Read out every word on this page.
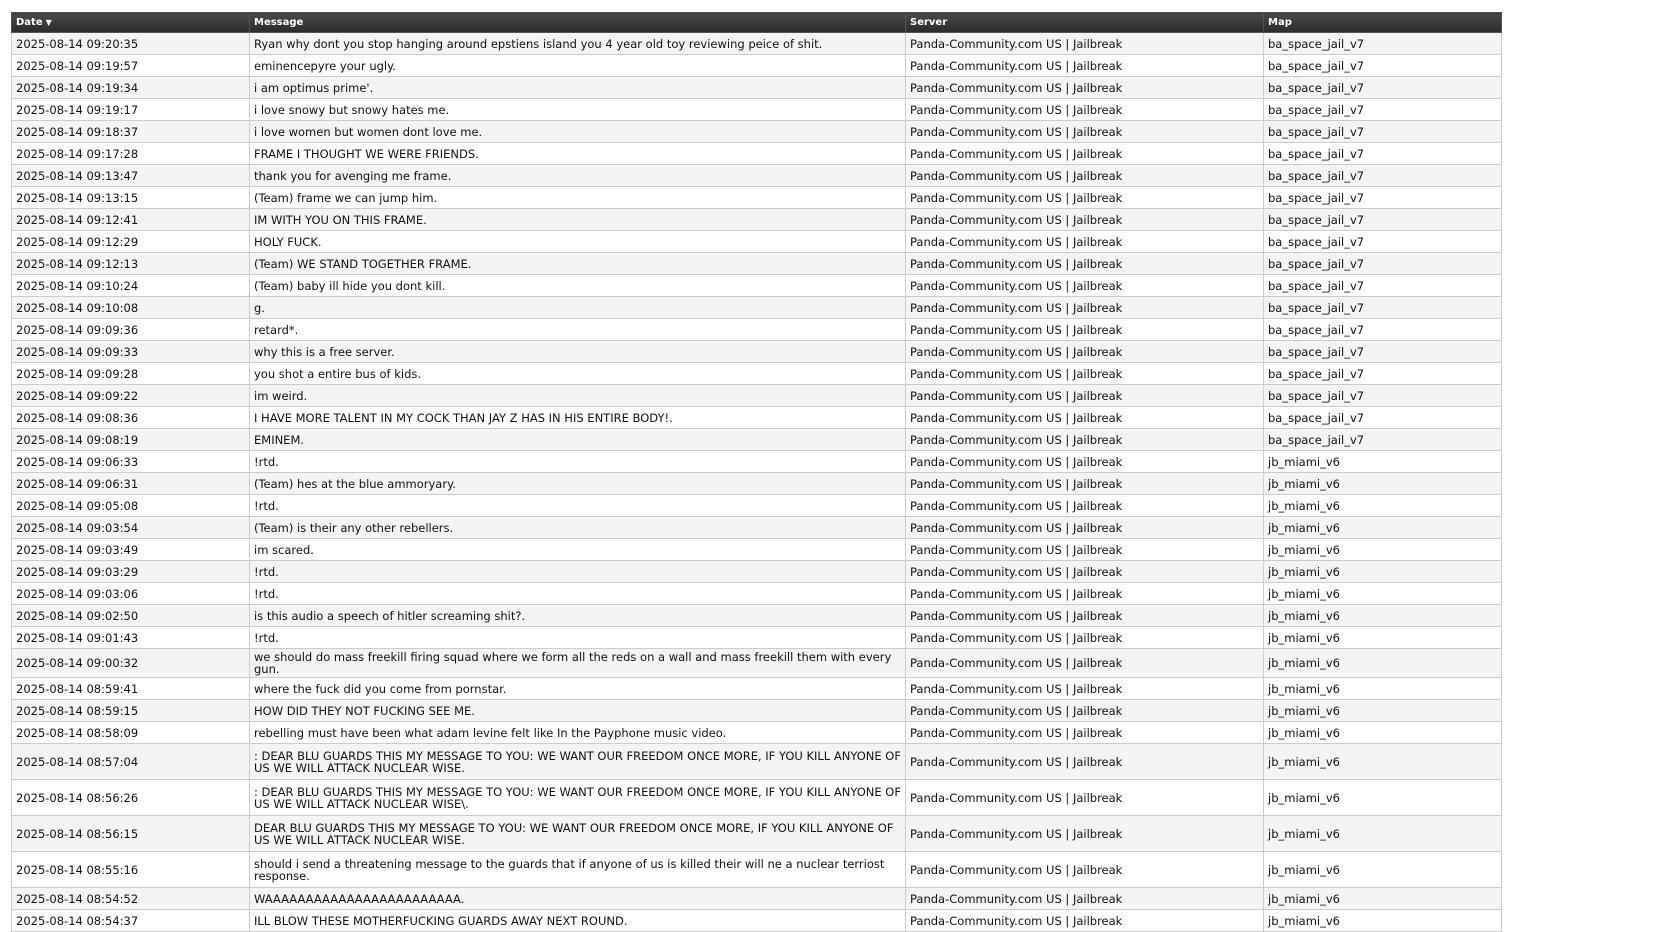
Date ▼	Message	Server	Map
2025-08-14 09:20:35	Ryan why dont you stop hanging around epstiens island you 4 year old toy reviewing peice of shit.	Panda-Community.com US | Jailbreak	ba_space_jail_v7
2025-08-14 09:19:57	eminencepyre your ugly.	Panda-Community.com US | Jailbreak	ba_space_jail_v7
2025-08-14 09:19:34	i am optimus prime'.	Panda-Community.com US | Jailbreak	ba_space_jail_v7
2025-08-14 09:19:17	i love snowy but snowy hates me.	Panda-Community.com US | Jailbreak	ba_space_jail_v7
2025-08-14 09:18:37	i love women but women dont love me.	Panda-Community.com US | Jailbreak	ba_space_jail_v7
2025-08-14 09:17:28	FRAME I THOUGHT WE WERE FRIENDS.	Panda-Community.com US | Jailbreak	ba_space_jail_v7
2025-08-14 09:13:47	thank you for avenging me frame.	Panda-Community.com US | Jailbreak	ba_space_jail_v7
2025-08-14 09:13:15	(Team) frame we can jump him.	Panda-Community.com US | Jailbreak	ba_space_jail_v7
2025-08-14 09:12:41	IM WITH YOU ON THIS FRAME.	Panda-Community.com US | Jailbreak	ba_space_jail_v7
2025-08-14 09:12:29	HOLY FUCK.	Panda-Community.com US | Jailbreak	ba_space_jail_v7
2025-08-14 09:12:13	(Team) WE STAND TOGETHER FRAME.	Panda-Community.com US | Jailbreak	ba_space_jail_v7
2025-08-14 09:10:24	(Team) baby ill hide you dont kill.	Panda-Community.com US | Jailbreak	ba_space_jail_v7
2025-08-14 09:10:08	g.	Panda-Community.com US | Jailbreak	ba_space_jail_v7
2025-08-14 09:09:36	retard*.	Panda-Community.com US | Jailbreak	ba_space_jail_v7
2025-08-14 09:09:33	why this is a free server.	Panda-Community.com US | Jailbreak	ba_space_jail_v7
2025-08-14 09:09:28	you shot a entire bus of kids.	Panda-Community.com US | Jailbreak	ba_space_jail_v7
2025-08-14 09:09:22	im weird.	Panda-Community.com US | Jailbreak	ba_space_jail_v7
2025-08-14 09:08:36	I HAVE MORE TALENT IN MY COCK THAN JAY Z HAS IN HIS ENTIRE BODY!.	Panda-Community.com US | Jailbreak	ba_space_jail_v7
2025-08-14 09:08:19	EMINEM.	Panda-Community.com US | Jailbreak	ba_space_jail_v7
2025-08-14 09:06:33	!rtd.	Panda-Community.com US | Jailbreak	jb_miami_v6
2025-08-14 09:06:31	(Team) hes at the blue ammoryary.	Panda-Community.com US | Jailbreak	jb_miami_v6
2025-08-14 09:05:08	!rtd.	Panda-Community.com US | Jailbreak	jb_miami_v6
2025-08-14 09:03:54	(Team) is their any other rebellers.	Panda-Community.com US | Jailbreak	jb_miami_v6
2025-08-14 09:03:49	im scared.	Panda-Community.com US | Jailbreak	jb_miami_v6
2025-08-14 09:03:29	!rtd.	Panda-Community.com US | Jailbreak	jb_miami_v6
2025-08-14 09:03:06	!rtd.	Panda-Community.com US | Jailbreak	jb_miami_v6
2025-08-14 09:02:50	is this audio a speech of hitler screaming shit?.	Panda-Community.com US | Jailbreak	jb_miami_v6
2025-08-14 09:01:43	!rtd.	Panda-Community.com US | Jailbreak	jb_miami_v6
2025-08-14 09:00:32	we should do mass freekill firing squad where we form all the reds on a wall and mass freekill them with every gun.	Panda-Community.com US | Jailbreak	jb_miami_v6
2025-08-14 08:59:41	where the fuck did you come from pornstar.	Panda-Community.com US | Jailbreak	jb_miami_v6
2025-08-14 08:59:15	HOW DID THEY NOT FUCKING SEE ME.	Panda-Community.com US | Jailbreak	jb_miami_v6
2025-08-14 08:58:09	rebelling must have been what adam levine felt like In the Payphone music video.	Panda-Community.com US | Jailbreak	jb_miami_v6
2025-08-14 08:57:04	: DEAR BLU GUARDS THIS MY MESSAGE TO YOU: WE WANT OUR FREEDOM ONCE MORE, IF YOU KILL ANYONE OF US WE WILL ATTACK NUCLEAR WISE.	Panda-Community.com US | Jailbreak	jb_miami_v6
2025-08-14 08:56:26	: DEAR BLU GUARDS THIS MY MESSAGE TO YOU: WE WANT OUR FREEDOM ONCE MORE, IF YOU KILL ANYONE OF US WE WILL ATTACK NUCLEAR WISE\.	Panda-Community.com US | Jailbreak	jb_miami_v6
2025-08-14 08:56:15	DEAR BLU GUARDS THIS MY MESSAGE TO YOU: WE WANT OUR FREEDOM ONCE MORE, IF YOU KILL ANYONE OF US WE WILL ATTACK NUCLEAR WISE.	Panda-Community.com US | Jailbreak	jb_miami_v6
2025-08-14 08:55:16	should i send a threatening message to the guards that if anyone of us is killed their will ne a nuclear terriost response.	Panda-Community.com US | Jailbreak	jb_miami_v6
2025-08-14 08:54:52	WAAAAAAAAAAAAAAAAAAAAAAAA.	Panda-Community.com US | Jailbreak	jb_miami_v6
2025-08-14 08:54:37	ILL BLOW THESE MOTHERFUCKING GUARDS AWAY NEXT ROUND.	Panda-Community.com US | Jailbreak	jb_miami_v6
